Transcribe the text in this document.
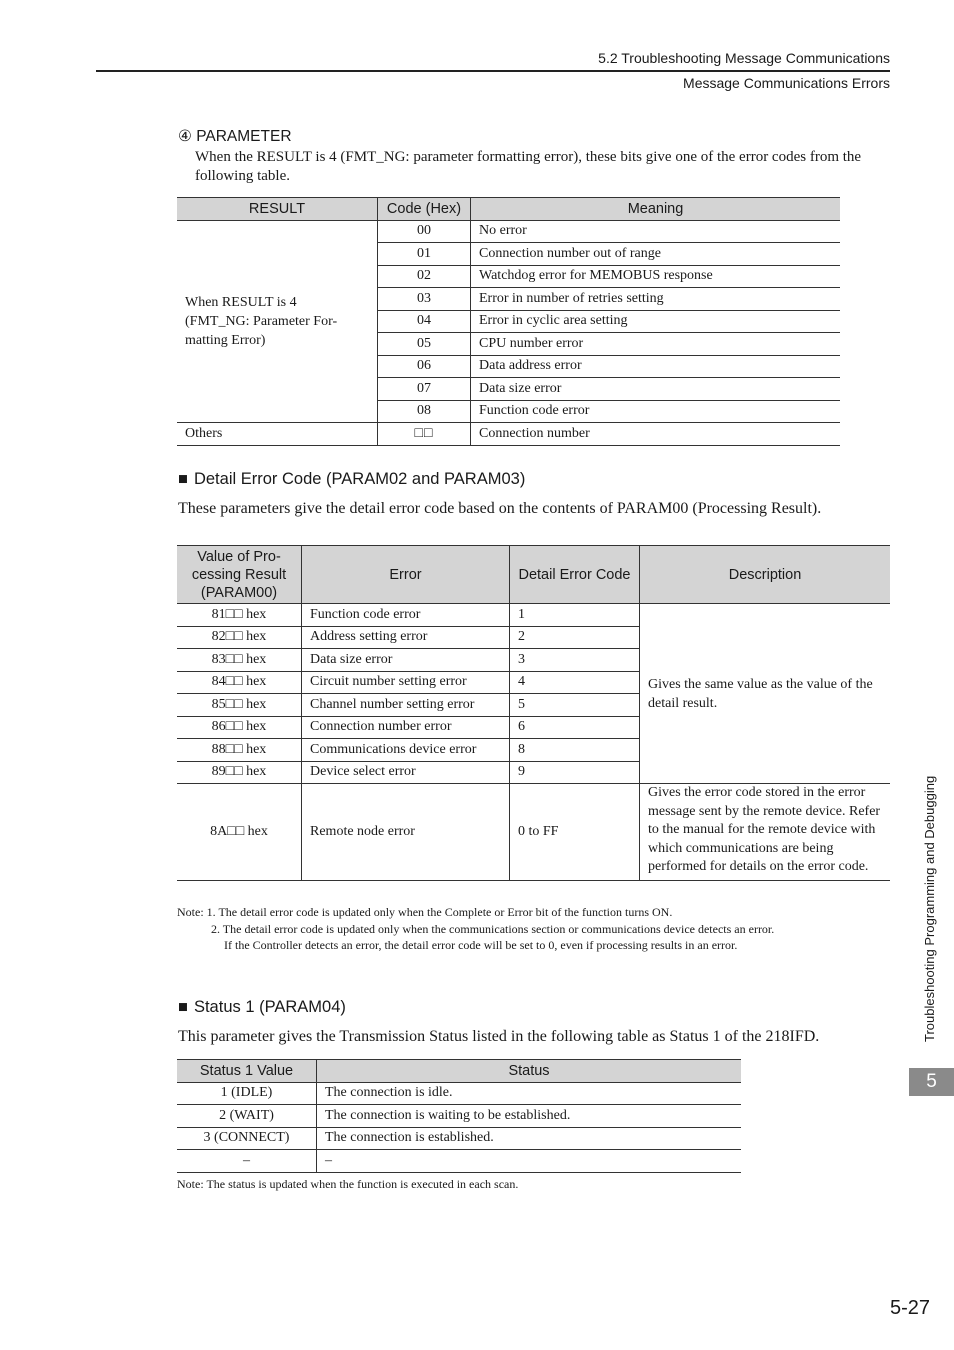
5.2 Troubleshooting Message Communications
Message Communications Errors
④ PARAMETER
When the RESULT is 4 (FMT_NG: parameter formatting error), these bits give one of the error codes from the following table.
RESULT	Code (Hex)	Meaning
When RESULT is 4 (FMT_NG: Parameter For-matting Error)	00	No error
	01	Connection number out of range
	02	Watchdog error for MEMOBUS response
	03	Error in number of retries setting
	04	Error in cyclic area setting
	05	CPU number error
	06	Data address error
	07	Data size error
	08	Function code error
Others	□□	Connection number
■ Detail Error Code (PARAM02 and PARAM03)
These parameters give the detail error code based on the contents of PARAM00 (Processing Result).
Value of Pro-cessing Result (PARAM00)	Error	Detail Error Code	Description
81□□ hex	Function code error	1	Gives the same value as the value of the detail result.
82□□ hex	Address setting error	2	
83□□ hex	Data size error	3	
84□□ hex	Circuit number setting error	4	
85□□ hex	Channel number setting error	5	
86□□ hex	Connection number error	6	
88□□ hex	Communications device error	8	
89□□ hex	Device select error	9	
8A□□ hex	Remote node error	0 to FF	Gives the error code stored in the error message sent by the remote device. Refer to the manual for the remote device with which communications are being performed for details on the error code.
Note: 1. The detail error code is updated only when the Complete or Error bit of the function turns ON.
2. The detail error code is updated only when the communications section or communications device detects an error.
If the Controller detects an error, the detail error code will be set to 0, even if processing results in an error.
■ Status 1 (PARAM04)
This parameter gives the Transmission Status listed in the following table as Status 1 of the 218IFD.
Status 1 Value	Status
1 (IDLE)	The connection is idle.
2 (WAIT)	The connection is waiting to be established.
3 (CONNECT)	The connection is established.
–	–
Note: The status is updated when the function is executed in each scan.
Troubleshooting Programming and Debugging
5
5-27
